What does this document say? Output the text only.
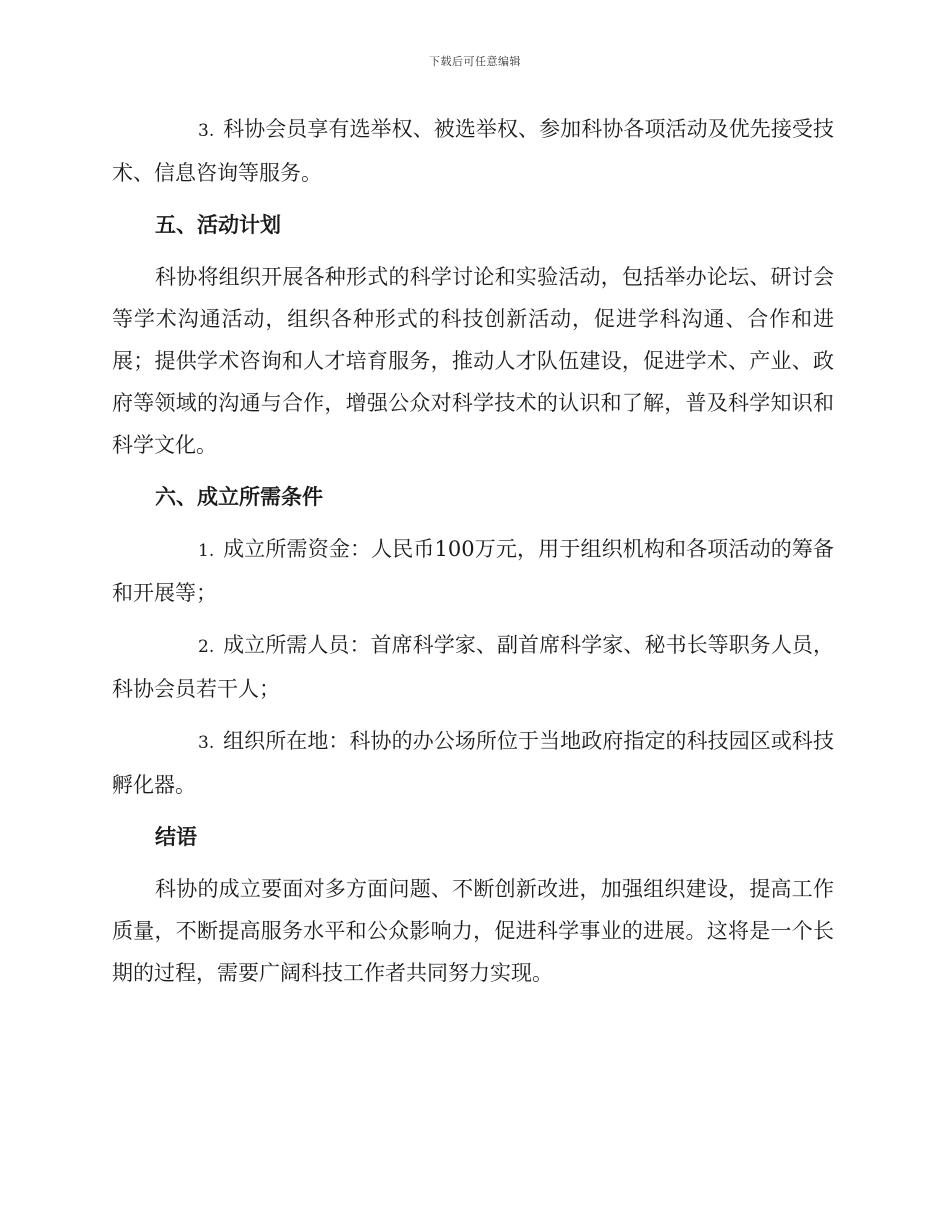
下载后可任意编辑

3. 科协会员享有选举权、被选举权、参加科协各项活动及优先接受技术、信息咨询等服务。

五、活动计划

科协将组织开展各种形式的科学讨论和实验活动，包括举办论坛、研讨会等学术沟通活动，组织各种形式的科技创新活动，促进学科沟通、合作和进展；提供学术咨询和人才培育服务，推动人才队伍建设，促进学术、产业、政府等领域的沟通与合作，增强公众对科学技术的认识和了解，普及科学知识和科学文化。

六、成立所需条件

1. 成立所需资金：人民币100万元，用于组织机构和各项活动的筹备和开展等；

2. 成立所需人员：首席科学家、副首席科学家、秘书长等职务人员，科协会员若干人；

3. 组织所在地：科协的办公场所位于当地政府指定的科技园区或科技孵化器。

结语

科协的成立要面对多方面问题、不断创新改进，加强组织建设，提高工作质量，不断提高服务水平和公众影响力，促进科学事业的进展。这将是一个长期的过程，需要广阔科技工作者共同努力实现。
